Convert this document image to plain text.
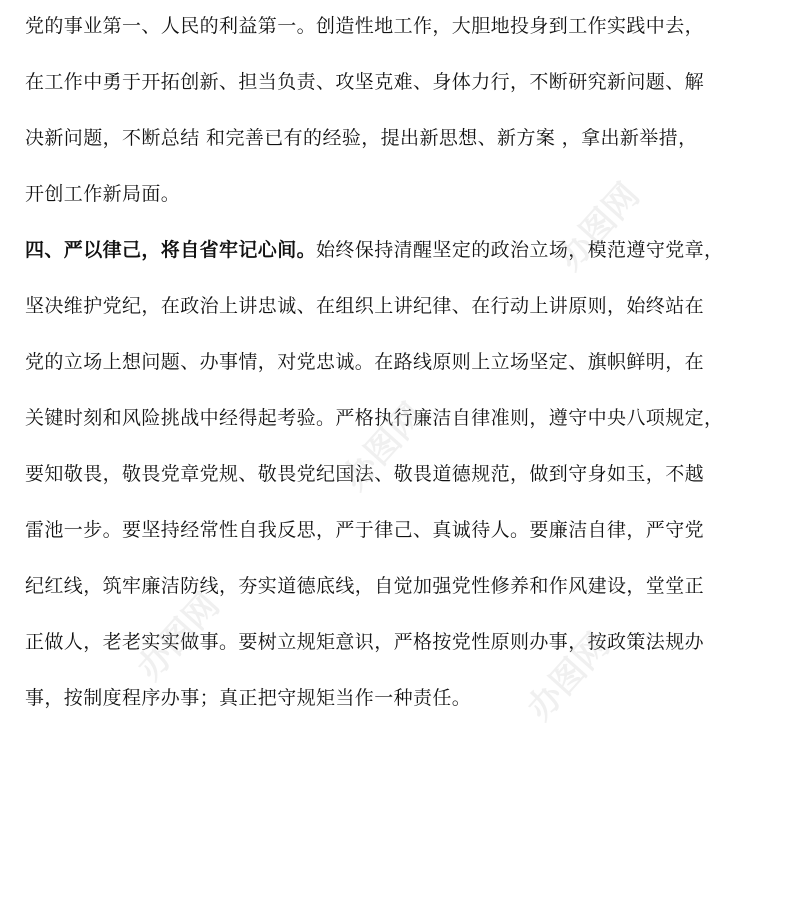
党的事业第一、人民的利益第一。创造性地工作，大胆地投身到工作实践中去，
在工作中勇于开拓创新、担当负责、攻坚克难、身体力行，不断研究新问题、解
决新问题，不断总结 和完善已有的经验，提出新思想、新方案 ，拿出新举措，
开创工作新局面。
四、严以律己，将自省牢记心间。始终保持清醒坚定的政治立场，模范遵守党章，
坚决维护党纪，在政治上讲忠诚、在组织上讲纪律、在行动上讲原则，始终站在
党的立场上想问题、办事情，对党忠诚。在路线原则上立场坚定、旗帜鲜明，在
关键时刻和风险挑战中经得起考验。严格执行廉洁自律准则，遵守中央八项规定，
要知敬畏，敬畏党章党规、敬畏党纪国法、敬畏道德规范，做到守身如玉，不越
雷池一步。要坚持经常性自我反思，严于律己、真诚待人。要廉洁自律，严守党
纪红线，筑牢廉洁防线，夯实道德底线，自觉加强党性修养和作风建设，堂堂正
正做人，老老实实做事。要树立规矩意识，严格按党性原则办事，按政策法规办
事，按制度程序办事；真正把守规矩当作一种责任。
办图网
办图网
办图网	办图网
